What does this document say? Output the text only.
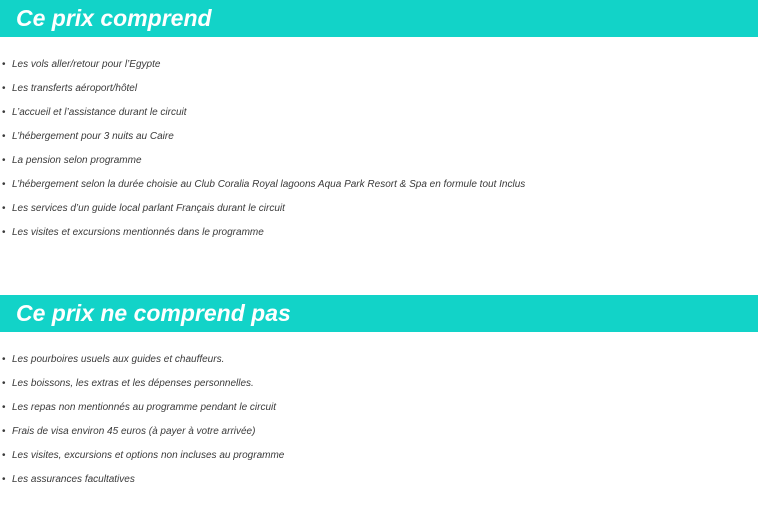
Ce prix comprend
• Les vols aller/retour pour l’Egypte
• Les transferts aéroport/hôtel
• L’accueil et l’assistance durant le circuit
• L’hébergement pour 3 nuits au Caire
• La pension selon programme
• L’hébergement selon la durée choisie au Club Coralia Royal lagoons Aqua Park Resort & Spa en formule tout Inclus
• Les services d’un guide local parlant Français durant le circuit
• Les visites et excursions mentionnés dans le programme
Ce prix ne comprend pas
• Les pourboires usuels aux guides et chauffeurs.
• Les boissons, les extras et les dépenses personnelles.
• Les repas non mentionnés au programme pendant le circuit
• Frais de visa environ 45 euros (à payer à votre arrivée)
• Les visites, excursions et options non incluses au programme
• Les assurances facultatives
